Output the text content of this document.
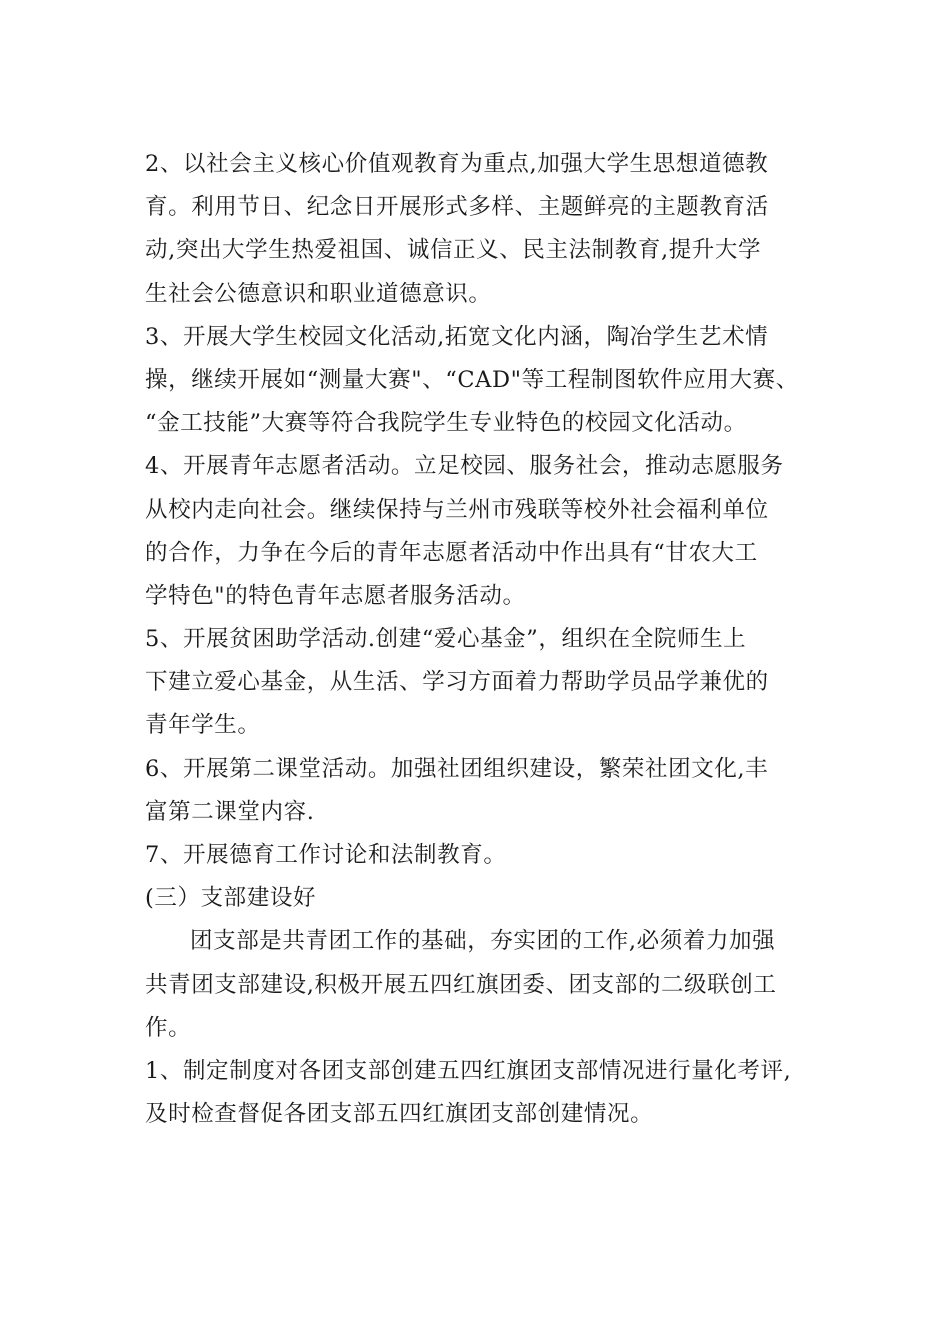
2、以社会主义核心价值观教育为重点,加强大学生思想道德教
育。利用节日、纪念日开展形式多样、主题鲜亮的主题教育活
动,突出大学生热爱祖国、诚信正义、民主法制教育,提升大学
生社会公德意识和职业道德意识。
3、开展大学生校园文化活动,拓宽文化内涵，陶冶学生艺术情
操，继续开展如“测量大赛"、“CAD"等工程制图软件应用大赛、
“金工技能”大赛等符合我院学生专业特色的校园文化活动。
4、开展青年志愿者活动。立足校园、服务社会，推动志愿服务
从校内走向社会。继续保持与兰州市残联等校外社会福利单位
的合作，力争在今后的青年志愿者活动中作出具有“甘农大工
学特色"的特色青年志愿者服务活动。
5、开展贫困助学活动.创建“爱心基金”，组织在全院师生上
下建立爱心基金，从生活、学习方面着力帮助学员品学兼优的
青年学生。
6、开展第二课堂活动。加强社团组织建设，繁荣社团文化,丰
富第二课堂内容.
7、开展德育工作讨论和法制教育。
(三）支部建设好
团支部是共青团工作的基础，夯实团的工作,必须着力加强
共青团支部建设,积极开展五四红旗团委、团支部的二级联创工
作。
1、制定制度对各团支部创建五四红旗团支部情况进行量化考评,
及时检查督促各团支部五四红旗团支部创建情况。
